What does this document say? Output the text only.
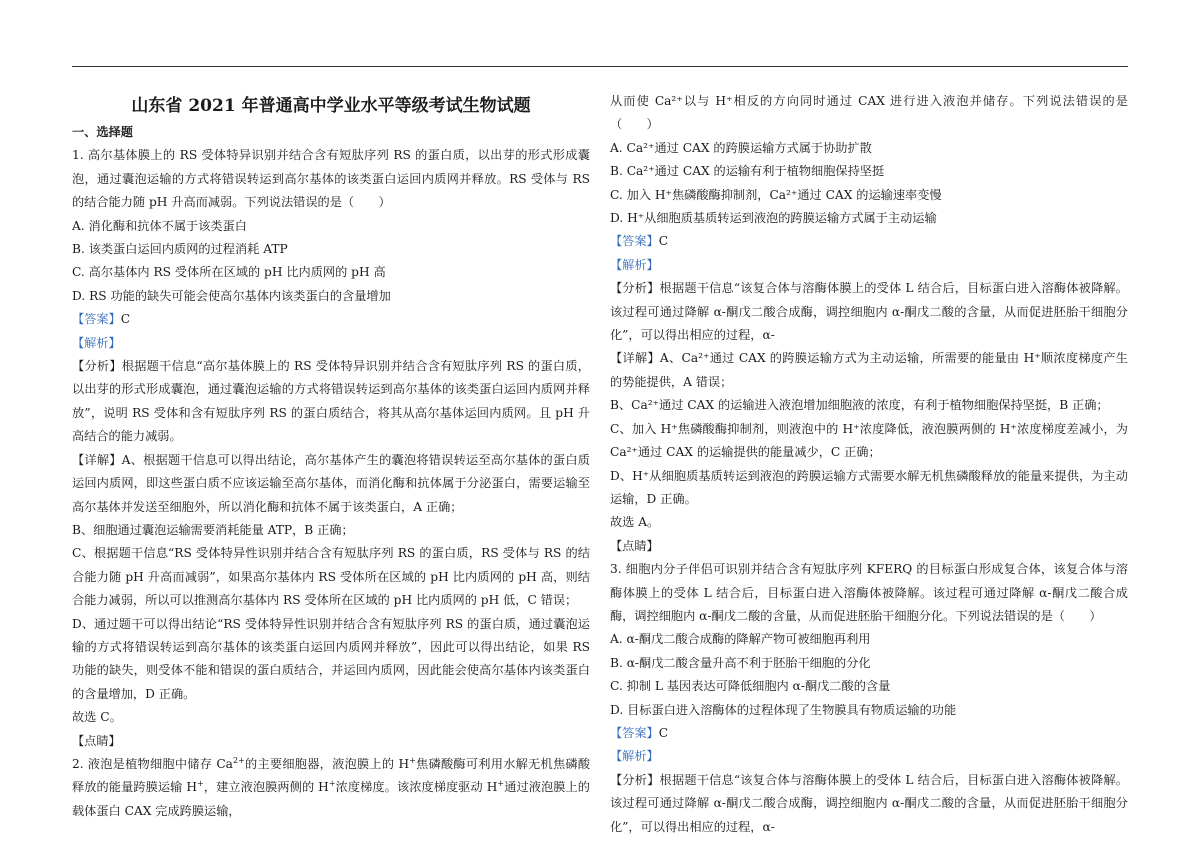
山东省 2021 年普通高中学业水平等级考试生物试题

一、选择题

1. 高尔基体膜上的 RS 受体特异识别并结合含有短肽序列 RS 的蛋白质，以出芽的形式形成囊泡，通过囊泡运输的方式将错误转运到高尔基体的该类蛋白运回内质网并释放。RS 受体与 RS 的结合能力随 pH 升高而减弱。下列说法错误的是（　　）

A. 消化酶和抗体不属于该类蛋白

B. 该类蛋白运回内质网的过程消耗 ATP

C. 高尔基体内 RS 受体所在区域的 pH 比内质网的 pH 高

D. RS 功能的缺失可能会使高尔基体内该类蛋白的含量增加

【答案】C

【解析】

【分析】根据题干信息“高尔基体膜上的 RS 受体特异识别并结合含有短肽序列 RS 的蛋白质，以出芽的形式形成囊泡，通过囊泡运输的方式将错误转运到高尔基体的该类蛋白运回内质网并释放”，说明 RS 受体和含有短肽序列 RS 的蛋白质结合，将其从高尔基体运回内质网。且 pH 升高结合的能力减弱。

【详解】A、根据题干信息可以得出结论，高尔基体产生的囊泡将错误转运至高尔基体的蛋白质运回内质网，即这些蛋白质不应该运输至高尔基体，而消化酶和抗体属于分泌蛋白，需要运输至高尔基体并发送至细胞外，所以消化酶和抗体不属于该类蛋白，A 正确；

B、细胞通过囊泡运输需要消耗能量 ATP，B 正确；

C、根据题干信息“RS 受体特异性识别并结合含有短肽序列 RS 的蛋白质，RS 受体与 RS 的结合能力随 pH 升高而减弱”，如果高尔基体内 RS 受体所在区域的 pH 比内质网的 pH 高，则结合能力减弱，所以可以推测高尔基体内 RS 受体所在区域的 pH 比内质网的 pH 低，C 错误；

D、通过题干可以得出结论“RS 受体特异性识别并结合含有短肽序列 RS 的蛋白质，通过囊泡运输的方式将错误转运到高尔基体的该类蛋白运回内质网并释放”，因此可以得出结论，如果 RS 功能的缺失，则受体不能和错误的蛋白质结合，并运回内质网，因此能会使高尔基体内该类蛋白的含量增加，D 正确。

故选 C。

【点睛】

2. 液泡是植物细胞中储存 $Ca^{2+}$的主要细胞器，液泡膜上的 H+焦磷酸酶可利用水解无机焦磷酸释放的能量跨膜运输 H+，建立液泡膜两侧的 H+浓度梯度。该浓度梯度驱动 H+通过液泡膜上的载体蛋白 CAX 完成跨膜运输，

从而使 Ca²⁺以与 H⁺相反的方向同时通过 CAX 进行进入液泡并储存。下列说法错误的是（　　）

A. Ca²⁺通过 CAX 的跨膜运输方式属于协助扩散

B. Ca²⁺通过 CAX 的运输有利于植物细胞保持坚挺

C. 加入 H⁺焦磷酸酶抑制剂，Ca²⁺通过 CAX 的运输速率变慢

D. H⁺从细胞质基质转运到液泡的跨膜运输方式属于主动运输

【答案】C

【解析】

【分析】根据题干信息“该复合体与溶酶体膜上的受体 L 结合后，目标蛋白进入溶酶体被降解。该过程可通过降解 α-酮戊二酸合成酶，调控细胞内 α-酮戊二酸的含量，从而促进胚胎干细胞分化”，可以得出相应的过程，α-

【详解】A、Ca²⁺通过 CAX 的跨膜运输方式为主动运输，所需要的能量由 H⁺顺浓度梯度产生的势能提供，A 错误；

B、Ca²⁺通过 CAX 的运输进入液泡增加细胞液的浓度，有利于植物细胞保持坚挺，B 正确；

C、加入 H⁺焦磷酸酶抑制剂，则液泡中的 H⁺浓度降低，液泡膜两侧的 H⁺浓度梯度差减小，为 Ca²⁺通过 CAX 的运输提供的能量减少，C 正确；

D、H⁺从细胞质基质转运到液泡的跨膜运输方式需要水解无机焦磷酸释放的能量来提供，为主动运输，D 正确。

故选 A。

【点睛】

3. 细胞内分子伴侣可识别并结合含有短肽序列 KFERQ 的目标蛋白形成复合体，该复合体与溶酶体膜上的受体 L 结合后，目标蛋白进入溶酶体被降解。该过程可通过降解 α-酮戊二酸合成酶，调控细胞内 α-酮戊二酸的含量，从而促进胚胎干细胞分化。下列说法错误的是（　　）

A. α-酮戊二酸合成酶的降解产物可被细胞再利用

B. α-酮戊二酸含量升高不利于胚胎干细胞的分化

C. 抑制 L 基因表达可降低细胞内 α-酮戊二酸的含量

D. 目标蛋白进入溶酶体的过程体现了生物膜具有物质运输的功能

【答案】C

【解析】

【分析】根据题干信息“该复合体与溶酶体膜上的受体 L 结合后，目标蛋白进入溶酶体被降解。该过程可通过降解 α-酮戊二酸合成酶，调控细胞内 α-酮戊二酸的含量，从而促进胚胎干细胞分化”，可以得出相应的过程，α-
